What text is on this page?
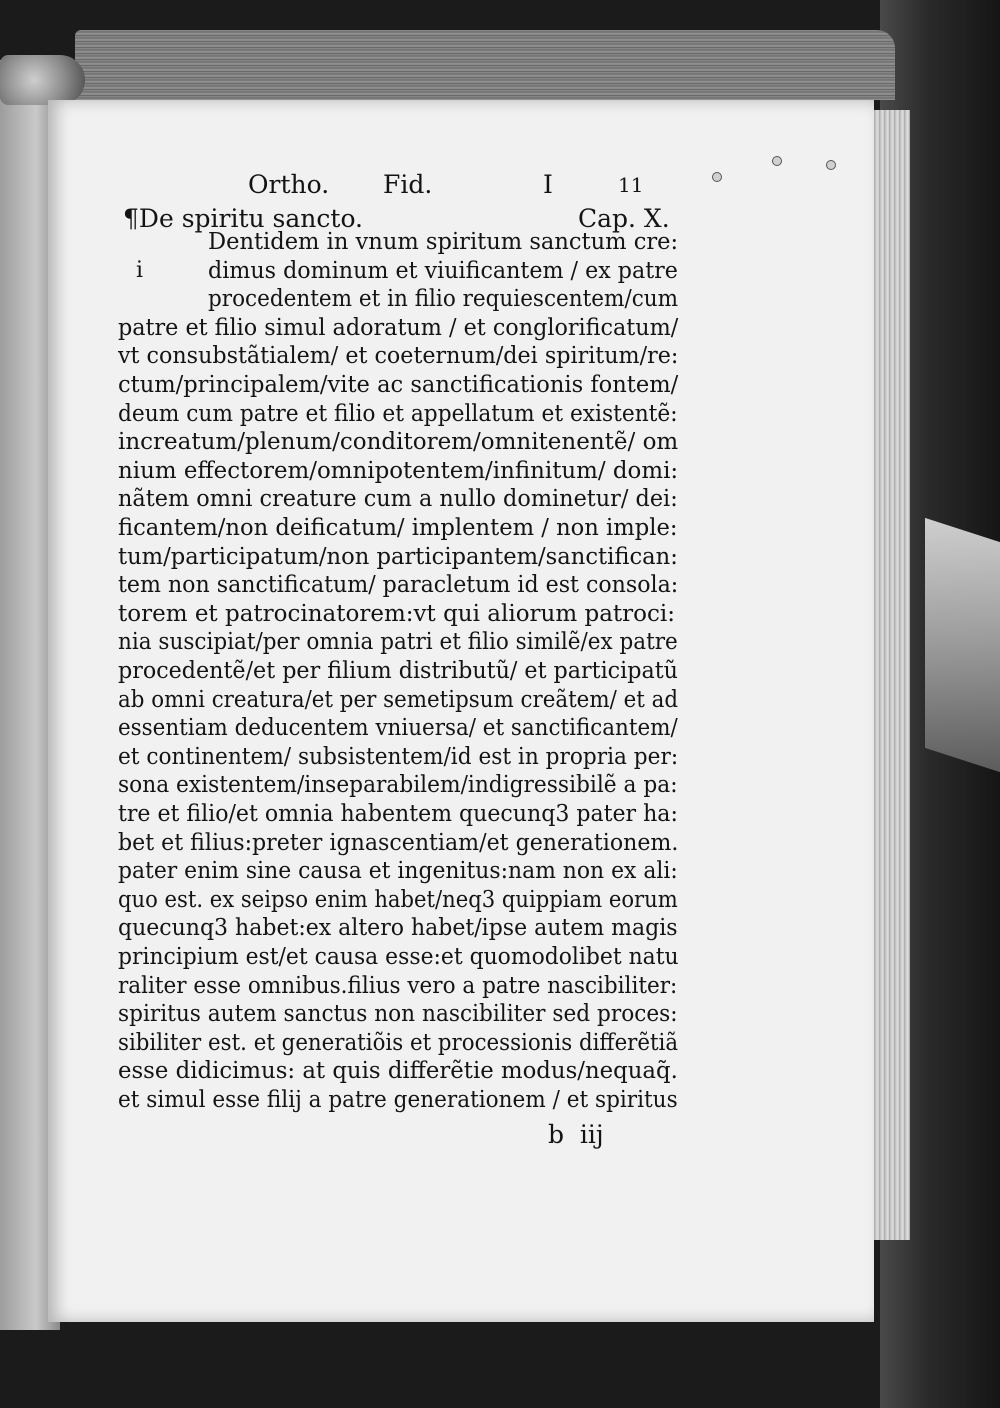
Ortho. Fid.	I	11
¶De spiritu sancto.	Cap. X.
i
Dentidem in vnum spiritum sanctum cre:
dimus dominum et viuificantem / ex patre
procedentem et in filio requiescentem/cum
patre et filio simul adoratum / et conglorificatum/
vt consubstãtialem/ et coeternum/dei spiritum/re:
ctum/principalem/vite ac sanctificationis fontem/
deum cum patre et filio et appellatum et existentẽ:
increatum/plenum/conditorem/omnitenentẽ/ om
nium effectorem/omnipotentem/infinitum/ domi:
nãtem omni creature cum a nullo dominetur/ dei:
ficantem/non deificatum/ implentem / non imple:
tum/participatum/non participantem/sanctifican:
tem non sanctificatum/ paracletum id est consola:
torem et patrocinatorem:vt qui aliorum patroci:
nia suscipiat/per omnia patri et filio similẽ/ex patre
procedentẽ/et per filium distributũ/ et participatũ
ab omni creatura/et per semetipsum creãtem/ et ad
essentiam deducentem vniuersa/ et sanctificantem/
et continentem/ subsistentem/id est in propria per:
sona existentem/inseparabilem/indigressibilẽ a pa:
tre et filio/et omnia habentem quecunq3 pater ha:
bet et filius:preter ignascentiam/et generationem.
pater enim sine causa et ingenitus:nam non ex ali:
quo est. ex seipso enim habet/neq3 quippiam eorum
quecunq3 habet:ex altero habet/ipse autem magis
principium est/et causa esse:et quomodolibet natu
raliter esse omnibus.filius vero a patre nascibiliter:
spiritus autem sanctus non nascibiliter sed proces:
sibiliter est. et generatiõis et processionis differẽtiã
esse didicimus: at quis differẽtie modus/nequaq̃.
et simul esse filij a patre generationem / et spiritus
b iij
